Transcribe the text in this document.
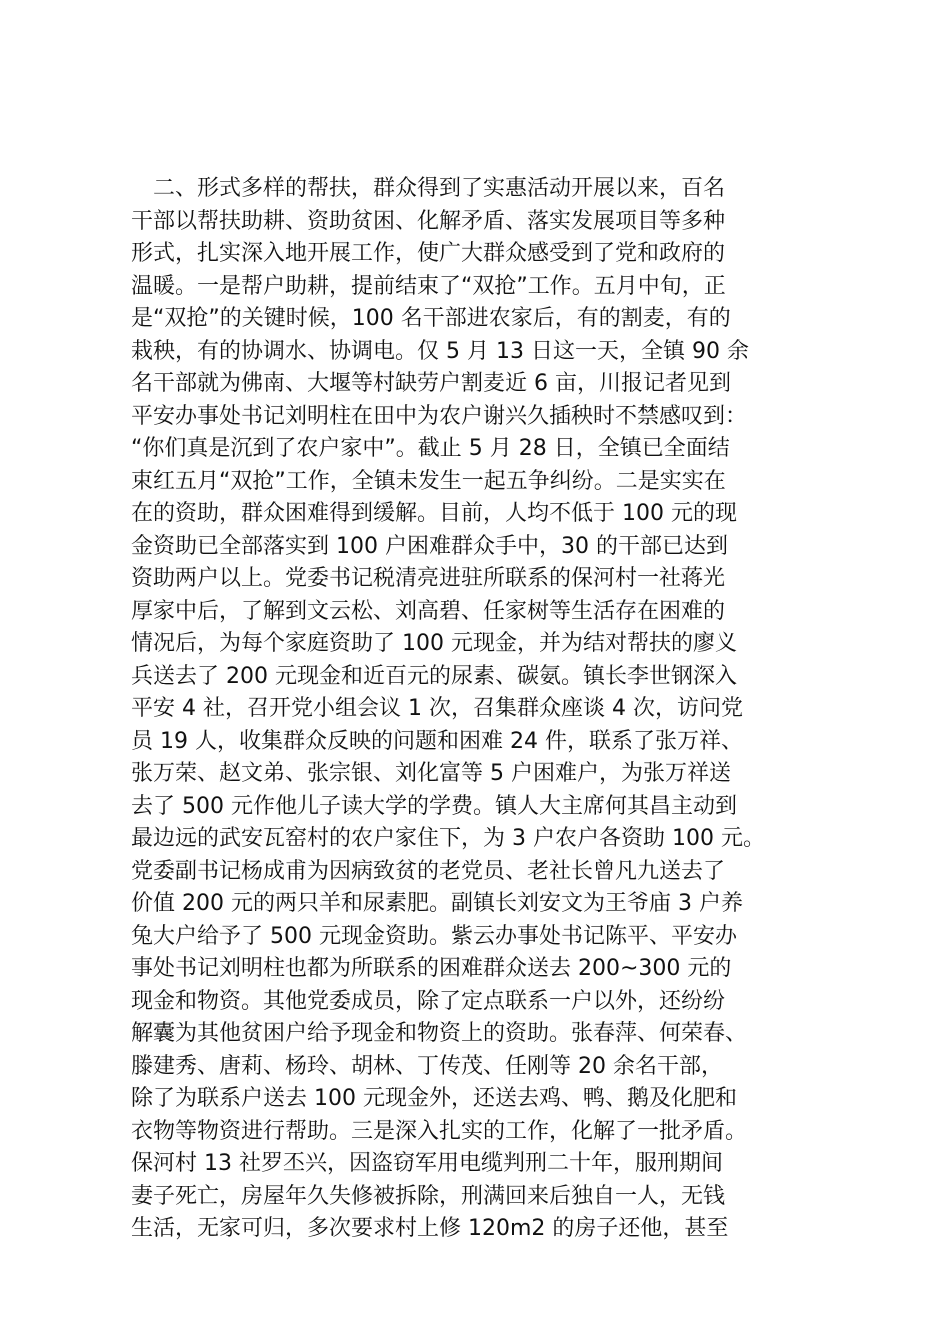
　二、形式多样的帮扶，群众得到了实惠活动开展以来，百名
干部以帮扶助耕、资助贫困、化解矛盾、落实发展项目等多种
形式，扎实深入地开展工作，使广大群众感受到了党和政府的
温暖。一是帮户助耕，提前结束了“双抢”工作。五月中旬，正
是“双抢”的关键时候，100 名干部进农家后，有的割麦，有的
栽秧，有的协调水、协调电。仅 5 月 13 日这一天，全镇 90 余
名干部就为佛南、大堰等村缺劳户割麦近 6 亩，川报记者见到
平安办事处书记刘明柱在田中为农户谢兴久插秧时不禁感叹到：
“你们真是沉到了农户家中”。截止 5 月 28 日，全镇已全面结
束红五月“双抢”工作，全镇未发生一起五争纠纷。二是实实在
在的资助，群众困难得到缓解。目前，人均不低于 100 元的现
金资助已全部落实到 100 户困难群众手中，30 的干部已达到
资助两户以上。党委书记税清亮进驻所联系的保河村一社蒋光
厚家中后，了解到文云松、刘高碧、任家树等生活存在困难的
情况后，为每个家庭资助了 100 元现金，并为结对帮扶的廖义
兵送去了 200 元现金和近百元的尿素、碳氨。镇长李世钢深入
平安 4 社，召开党小组会议 1 次，召集群众座谈 4 次，访问党
员 19 人，收集群众反映的问题和困难 24 件，联系了张万祥、
张万荣、赵文弟、张宗银、刘化富等 5 户困难户，为张万祥送
去了 500 元作他儿子读大学的学费。镇人大主席何其昌主动到
最边远的武安瓦窑村的农户家住下，为 3 户农户各资助 100 元。
党委副书记杨成甫为因病致贫的老党员、老社长曾凡九送去了
价值 200 元的两只羊和尿素肥。副镇长刘安文为王爷庙 3 户养
兔大户给予了 500 元现金资助。紫云办事处书记陈平、平安办
事处书记刘明柱也都为所联系的困难群众送去 200~300 元的
现金和物资。其他党委成员，除了定点联系一户以外，还纷纷
解囊为其他贫困户给予现金和物资上的资助。张春萍、何荣春、
滕建秀、唐莉、杨玲、胡林、丁传茂、任刚等 20 余名干部，
除了为联系户送去 100 元现金外，还送去鸡、鸭、鹅及化肥和
衣物等物资进行帮助。三是深入扎实的工作，化解了一批矛盾。
保河村 13 社罗丕兴，因盗窃军用电缆判刑二十年，服刑期间
妻子死亡，房屋年久失修被拆除，刑满回来后独自一人，无钱
生活，无家可归，多次要求村上修 120m2 的房子还他，甚至
